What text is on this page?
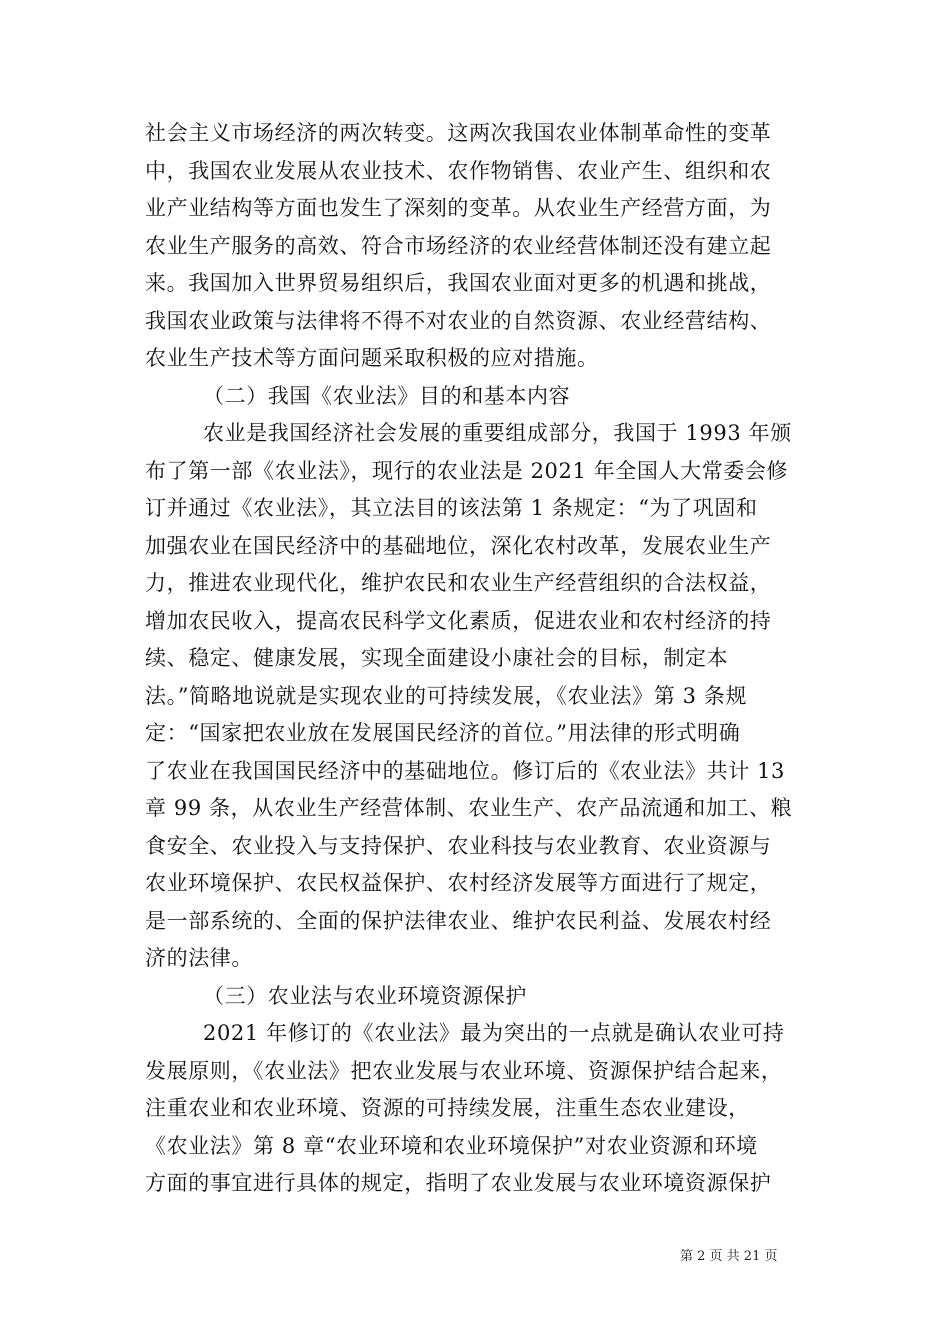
社会主义市场经济的两次转变。这两次我国农业体制革命性的变革
中，我国农业发展从农业技术、农作物销售、农业产生、组织和农
业产业结构等方面也发生了深刻的变革。从农业生产经营方面，为
农业生产服务的高效、符合市场经济的农业经营体制还没有建立起
来。我国加入世界贸易组织后，我国农业面对更多的机遇和挑战，
我国农业政策与法律将不得不对农业的自然资源、农业经营结构、
农业生产技术等方面问题采取积极的应对措施。
（二）我国《农业法》目的和基本内容
农业是我国经济社会发展的重要组成部分，我国于 1993 年颁
布了第一部《农业法》，现行的农业法是 2021 年全国人大常委会修
订并通过《农业法》，其立法目的该法第 1 条规定：“为了巩固和
加强农业在国民经济中的基础地位，深化农村改革，发展农业生产
力，推进农业现代化，维护农民和农业生产经营组织的合法权益，
增加农民收入，提高农民科学文化素质，促进农业和农村经济的持
续、稳定、健康发展，实现全面建设小康社会的目标，制定本
法。”简略地说就是实现农业的可持续发展，《农业法》第 3 条规
定：“国家把农业放在发展国民经济的首位。”用法律的形式明确
了农业在我国国民经济中的基础地位。修订后的《农业法》共计 13
章 99 条，从农业生产经营体制、农业生产、农产品流通和加工、粮
食安全、农业投入与支持保护、农业科技与农业教育、农业资源与
农业环境保护、农民权益保护、农村经济发展等方面进行了规定，
是一部系统的、全面的保护法律农业、维护农民利益、发展农村经
济的法律。
（三）农业法与农业环境资源保护
2021 年修订的《农业法》最为突出的一点就是确认农业可持
发展原则，《农业法》把农业发展与农业环境、资源保护结合起来，
注重农业和农业环境、资源的可持续发展，注重生态农业建设，
《农业法》第 8 章“农业环境和农业环境保护”对农业资源和环境
方面的事宜进行具体的规定，指明了农业发展与农业环境资源保护
第 2 页 共 21 页
